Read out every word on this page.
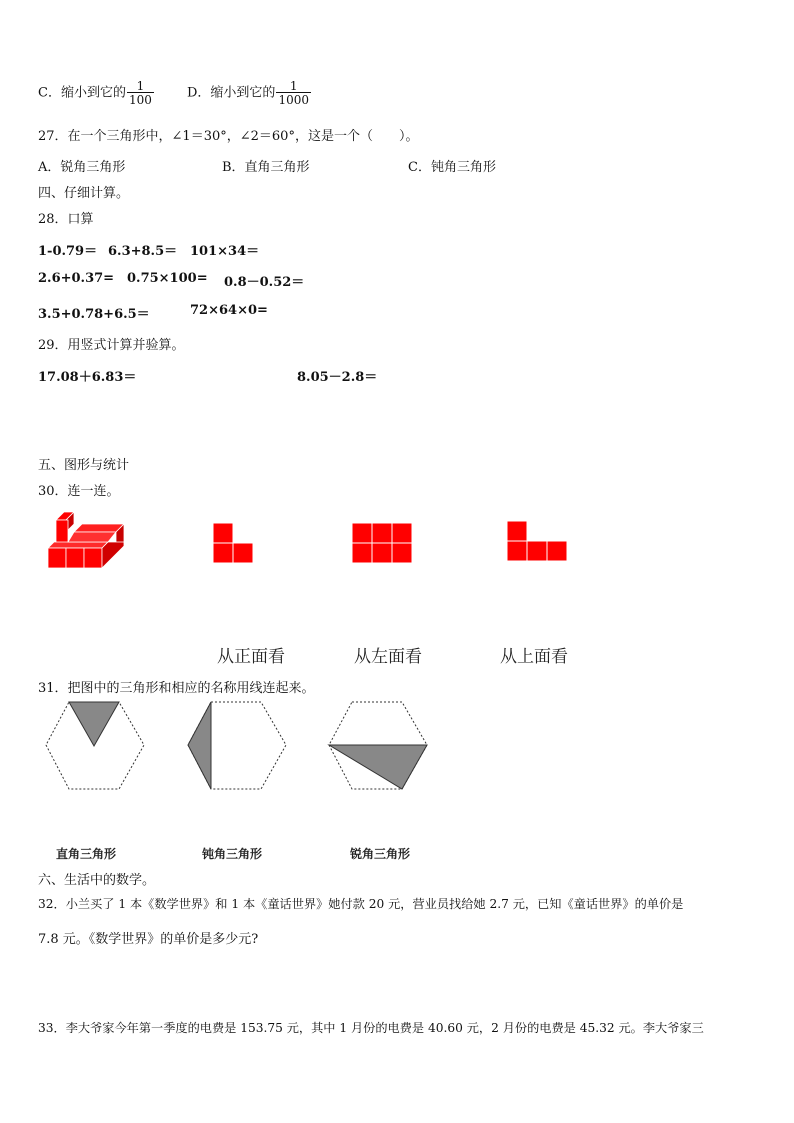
C．缩小到它的 $\frac{1}{100}$	D．缩小到它的 $\frac{1}{1000}$
27．在一个三角形中，∠1＝30°，∠2＝60°，这是一个（　　）。
A．锐角三角形	B．直角三角形	C．钝角三角形
四、仔细计算。
28．口算
1-0.79＝ 6.3+8.5＝ 101×34＝
2.6+0.37= 0.75×100= 0.8－0.52＝
3.5+0.78+6.5＝	72×64×0=
29．用竖式计算并验算。
17.08＋6.83＝	8.05－2.8＝
五、图形与统计
30．连一连。
从正面看	从左面看	从上面看
31．把图中的三角形和相应的名称用线连起来。
直角三角形	钝角三角形	锐角三角形
六、生活中的数学。
32．小兰买了 1 本《数学世界》和 1 本《童话世界》她付款 20 元，营业员找给她 2.7 元，已知《童话世界》的单价是
7.8 元。《数学世界》的单价是多少元?
33．李大爷家今年第一季度的电费是 153.75 元，其中 1 月份的电费是 40.60 元，2 月份的电费是 45.32 元。李大爷家三
